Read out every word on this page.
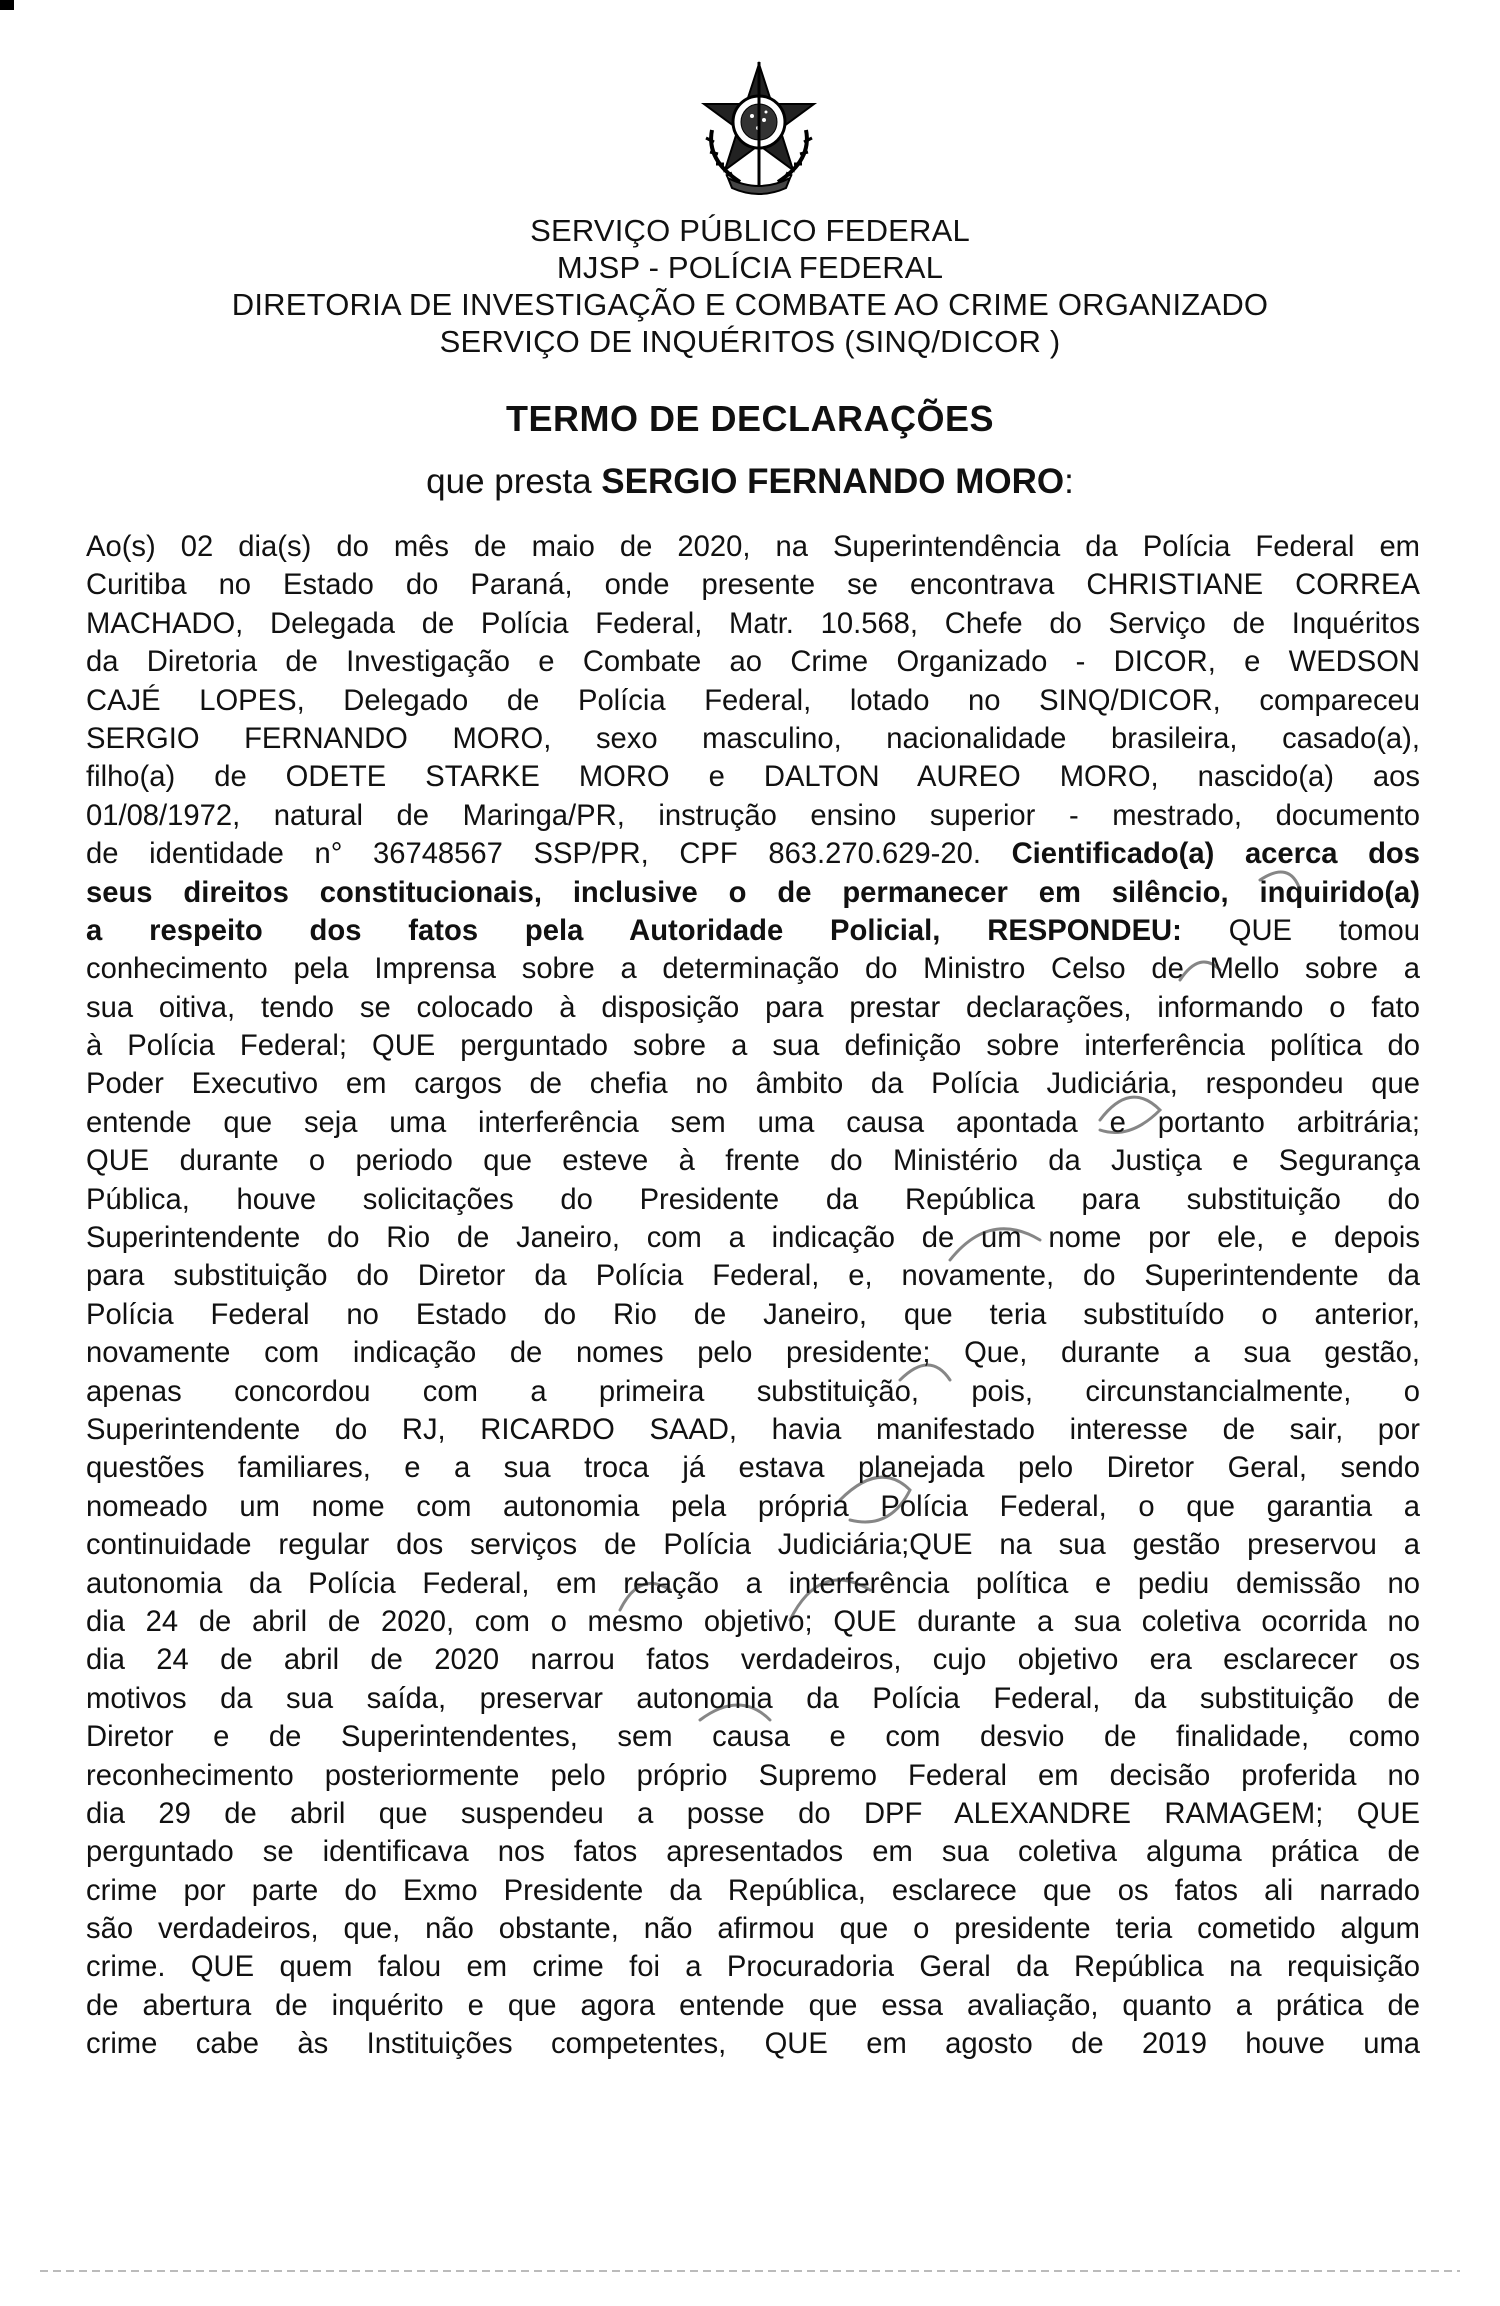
SERVIÇO PÚBLICO FEDERAL
MJSP - POLÍCIA FEDERAL
DIRETORIA DE INVESTIGAÇÃO E COMBATE AO CRIME ORGANIZADO
SERVIÇO DE INQUÉRITOS (SINQ/DICOR )
TERMO DE DECLARAÇÕES
que presta SERGIO FERNANDO MORO:
Ao(s) 02 dia(s) do mês de maio de 2020, na Superintendência da Polícia Federal em
Curitiba no Estado do Paraná, onde presente se encontrava CHRISTIANE CORREA
MACHADO, Delegada de Polícia Federal, Matr. 10.568, Chefe do Serviço de Inquéritos
da Diretoria de Investigação e Combate ao Crime Organizado - DICOR, e WEDSON
CAJÉ LOPES, Delegado de Polícia Federal, lotado no SINQ/DICOR, compareceu
SERGIO FERNANDO MORO, sexo masculino, nacionalidade brasileira, casado(a),
filho(a) de ODETE STARKE MORO e DALTON AUREO MORO, nascido(a) aos
01/08/1972, natural de Maringa/PR, instrução ensino superior - mestrado, documento
de identidade n° 36748567 SSP/PR, CPF 863.270.629-20. Cientificado(a) acerca dos
seus direitos constitucionais, inclusive o de permanecer em silêncio, inquirido(a)
a respeito dos fatos pela Autoridade Policial, RESPONDEU: QUE tomou
conhecimento pela Imprensa sobre a determinação do Ministro Celso de Mello sobre a
sua oitiva, tendo se colocado à disposição para prestar declarações, informando o fato
à Polícia Federal; QUE perguntado sobre a sua definição sobre interferência política do
Poder Executivo em cargos de chefia no âmbito da Polícia Judiciária, respondeu que
entende que seja uma interferência sem uma causa apontada e portanto arbitrária;
QUE durante o periodo que esteve à frente do Ministério da Justiça e Segurança
Pública, houve solicitações do Presidente da República para substituição do
Superintendente do Rio de Janeiro, com a indicação de um nome por ele, e depois
para substituição do Diretor da Polícia Federal, e, novamente, do Superintendente da
Polícia Federal no Estado do Rio de Janeiro, que teria substituído o anterior,
novamente com indicação de nomes pelo presidente; Que, durante a sua gestão,
apenas concordou com a primeira substituição, pois, circunstancialmente, o
Superintendente do RJ, RICARDO SAAD, havia manifestado interesse de sair, por
questões familiares, e a sua troca já estava planejada pelo Diretor Geral, sendo
nomeado um nome com autonomia pela própria Polícia Federal, o que garantia a
continuidade regular dos serviços de Polícia Judiciária;QUE na sua gestão preservou a
autonomia da Polícia Federal, em relação a interferência política e pediu demissão no
dia 24 de abril de 2020, com o mesmo objetivo; QUE durante a sua coletiva ocorrida no
dia 24 de abril de 2020 narrou fatos verdadeiros, cujo objetivo era esclarecer os
motivos da sua saída, preservar autonomia da Polícia Federal, da substituição de
Diretor e de Superintendentes, sem causa e com desvio de finalidade, como
reconhecimento posteriormente pelo próprio Supremo Federal em decisão proferida no
dia 29 de abril que suspendeu a posse do DPF ALEXANDRE RAMAGEM; QUE
perguntado se identificava nos fatos apresentados em sua coletiva alguma prática de
crime por parte do Exmo Presidente da República, esclarece que os fatos ali narrado
são verdadeiros, que, não obstante, não afirmou que o presidente teria cometido algum
crime. QUE quem falou em crime foi a Procuradoria Geral da República na requisição
de abertura de inquérito e que agora entende que essa avaliação, quanto a prática de
crime cabe às Instituições competentes, QUE em agosto de 2019 houve uma
